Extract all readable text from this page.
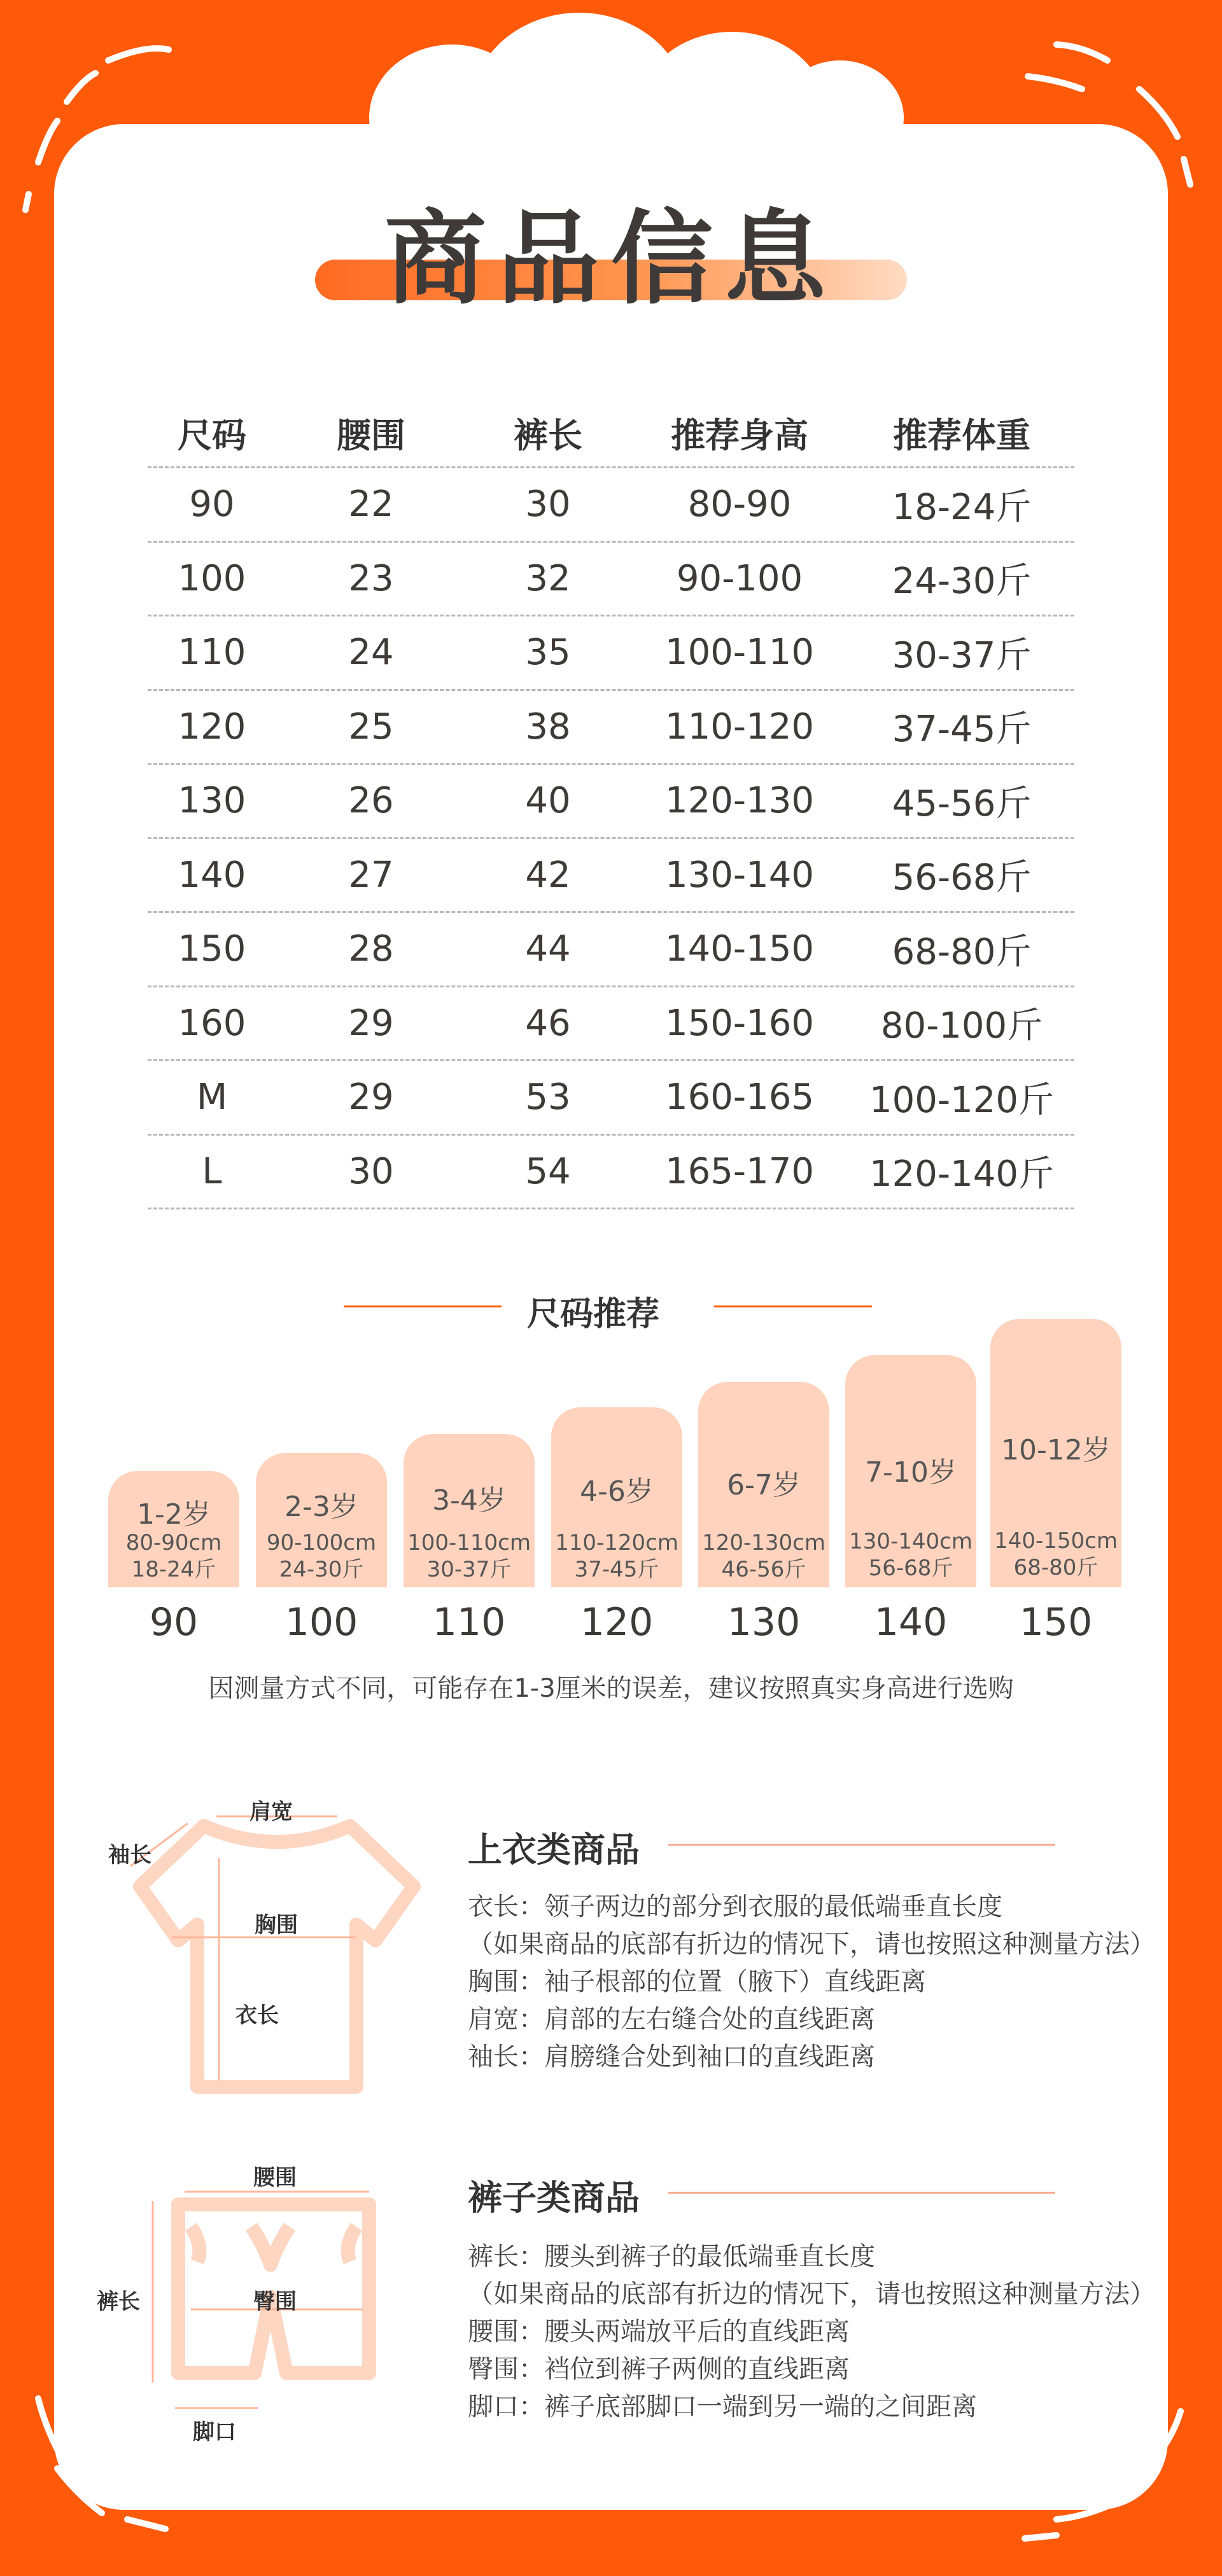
商品信息
尺码	腰围	裤长	推荐身高	推荐体重
90	22	30	80-90	18-24斤
100	23	32	90-100	24-30斤
110	24	35	100-110	30-37斤
120	25	38	110-120	37-45斤
130	26	40	120-130	45-56斤
140	27	42	130-140	56-68斤
150	28	44	140-150	68-80斤
160	29	46	150-160	80-100斤
M	29	53	160-165	100-120斤
L	30	54	165-170	120-140斤
尺码推荐
1-2岁
80-90cm
18-24斤
2-3岁
90-100cm
24-30斤
3-4岁
100-110cm
30-37斤
4-6岁
110-120cm
37-45斤
6-7岁
120-130cm
46-56斤
7-10岁
130-140cm
56-68斤
10-12岁
140-150cm
68-80斤
90	100	110	120	130	140	150
因测量方式不同，可能存在1-3厘米的误差，建议按照真实身高进行选购
肩宽
袖长
胸围
衣长
上衣类商品
衣长：领子两边的部分到衣服的最低端垂直长度
（如果商品的底部有折边的情况下，请也按照这种测量方法）
胸围：袖子根部的位置（腋下）直线距离
肩宽：肩部的左右缝合处的直线距离
袖长：肩膀缝合处到袖口的直线距离
腰围
裤长	臀围
脚口
裤子类商品
裤长：腰头到裤子的最低端垂直长度
（如果商品的底部有折边的情况下，请也按照这种测量方法）
腰围：腰头两端放平后的直线距离
臀围：裆位到裤子两侧的直线距离
脚口：裤子底部脚口一端到另一端的之间距离
